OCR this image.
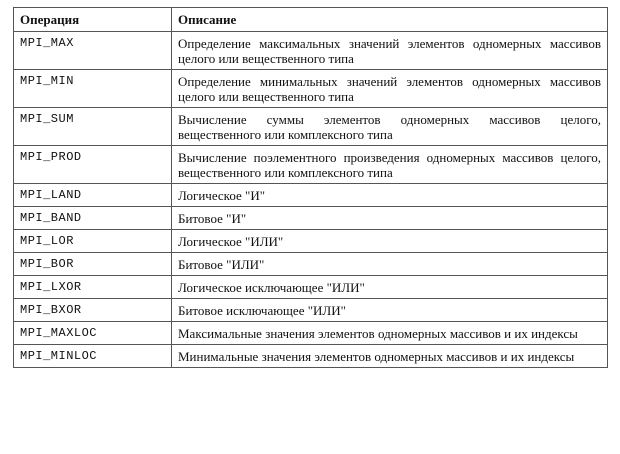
Операция	Описание
MPI_MAX	Определение максимальных значений элементов одномерных массивов целого или вещественного типа
MPI_MIN	Определение минимальных значений элементов одномерных массивов целого или вещественного типа
MPI_SUM	Вычисление суммы элементов одномерных массивов целого, вещественного или комплексного типа
MPI_PROD	Вычисление поэлементного произведения одномерных массивов целого, вещественного или комплексного типа
MPI_LAND	Логическое "И"
MPI_BAND	Битовое "И"
MPI_LOR	Логическое "ИЛИ"
MPI_BOR	Битовое "ИЛИ"
MPI_LXOR	Логическое исключающее "ИЛИ"
MPI_BXOR	Битовое исключающее "ИЛИ"
MPI_MAXLOC	Максимальные значения элементов одномерных массивов и их индексы
MPI_MINLOC	Минимальные значения элементов одномерных массивов и их индексы
